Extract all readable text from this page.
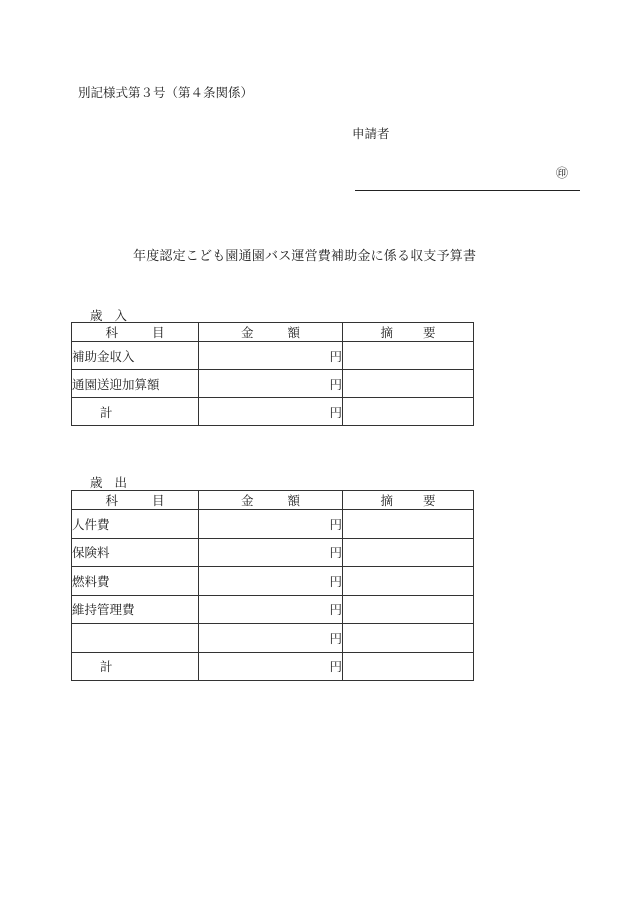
別記様式第３号（第４条関係）
申請者
㊞
年度認定こども園通園バス運営費補助金に係る収支予算書
歳入
科目	金額	摘要
補助金収入	円	
通園送迎加算額	円	
計	円	
歳出
科目	金額	摘要
人件費	円	
保険料	円	
燃料費	円	
維持管理費	円	
	円	
計	円	
